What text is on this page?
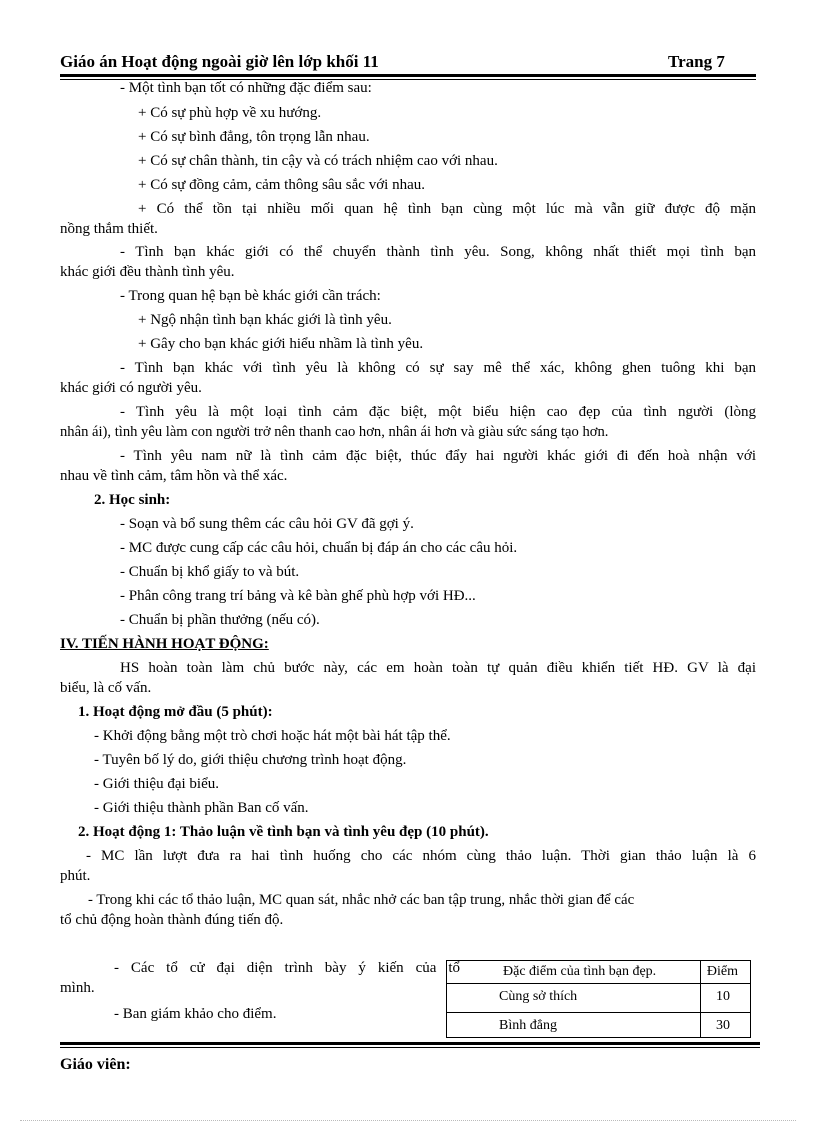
Giáo án Hoạt động ngoài giờ lên lớp khối 11	Trang 7
- Một tình bạn tốt có những đặc điểm sau:
+ Có sự phù hợp về xu hướng.
+ Có sự bình đẳng, tôn trọng lẫn nhau.
+ Có sự chân thành, tin cậy và có trách nhiệm cao với nhau.
+ Có sự đồng cảm, cảm thông sâu sắc với nhau.
+ Có thể tồn tại nhiều mối quan hệ tình bạn cùng một lúc mà vẫn giữ được độ mặn
nồng thắm thiết.
- Tình bạn khác giới có thể chuyển thành tình yêu. Song, không nhất thiết mọi tình bạn
khác giới đều thành tình yêu.
- Trong quan hệ bạn bè khác giới cần trách:
+ Ngộ nhận tình bạn khác giới là tình yêu.
+ Gây cho bạn khác giới hiểu nhầm là tình yêu.
- Tình bạn khác với tình yêu là không có sự say mê thể xác, không ghen tuông khi bạn
khác giới có người yêu.
- Tình yêu là một loại tình cảm đặc biệt, một biểu hiện cao đẹp của tình người (lòng
nhân ái), tình yêu làm con người trở nên thanh cao hơn, nhân ái hơn và giàu sức sáng tạo hơn.
- Tình yêu nam nữ là tình cảm đặc biệt, thúc đẩy hai người khác giới đi đến hoà nhận với
nhau về tình cảm, tâm hồn và thể xác.
2. Học sinh:
- Soạn và bổ sung thêm các câu hỏi GV đã gợi ý.
- MC được cung cấp các câu hỏi, chuẩn bị đáp án cho các câu hỏi.
- Chuẩn bị khổ giấy to và bút.
- Phân công trang trí bảng và kê bàn ghế phù hợp với HĐ...
- Chuẩn bị phần thưởng (nếu có).
IV. TIẾN HÀNH HOẠT ĐỘNG:
HS hoàn toàn làm chủ bước này, các em hoàn toàn tự quản điều khiển tiết HĐ. GV là đại
biểu, là cố vấn.
1. Hoạt động mở đầu (5 phút):
- Khởi động bằng một trò chơi hoặc hát một bài hát tập thể.
- Tuyên bố lý do, giới thiệu chương trình hoạt động.
- Giới thiệu đại biểu.
- Giới thiệu thành phần Ban cố vấn.
2. Hoạt động 1: Thảo luận về tình bạn và tình yêu đẹp (10 phút).
- MC lần lượt đưa ra hai tình huống cho các nhóm cùng thảo luận. Thời gian thảo luận là 6
phút.
- Trong khi các tổ thảo luận, MC quan sát, nhắc nhở các ban tập trung, nhắc thời gian để các
tổ chủ động hoàn thành đúng tiến độ.
- Các tổ cử đại diện trình bày ý kiến của tổ
mình.
- Ban giám khảo cho điểm.
Đặc điểm của tình bạn đẹp.	Điểm
Cùng sở thích	10
Bình đẳng	30
Giáo viên:
